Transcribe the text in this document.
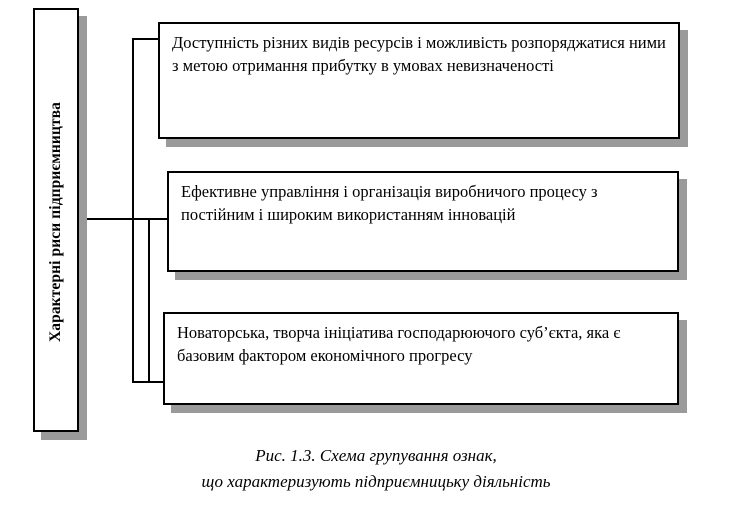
Характерні риси підприємництва
Доступність різних видів ресурсів і можливість розпоряджатися ними з метою отримання прибутку в умовах невизначеності
Ефективне управління і організація виробничого процесу з постійним і широким використанням інновацій
Новаторська, творча ініціатива господарюючого суб’єкта, яка є базовим фактором економічного прогресу
Рис. 1.3. Схема групування ознак,
що характеризують підприємницьку діяльність
